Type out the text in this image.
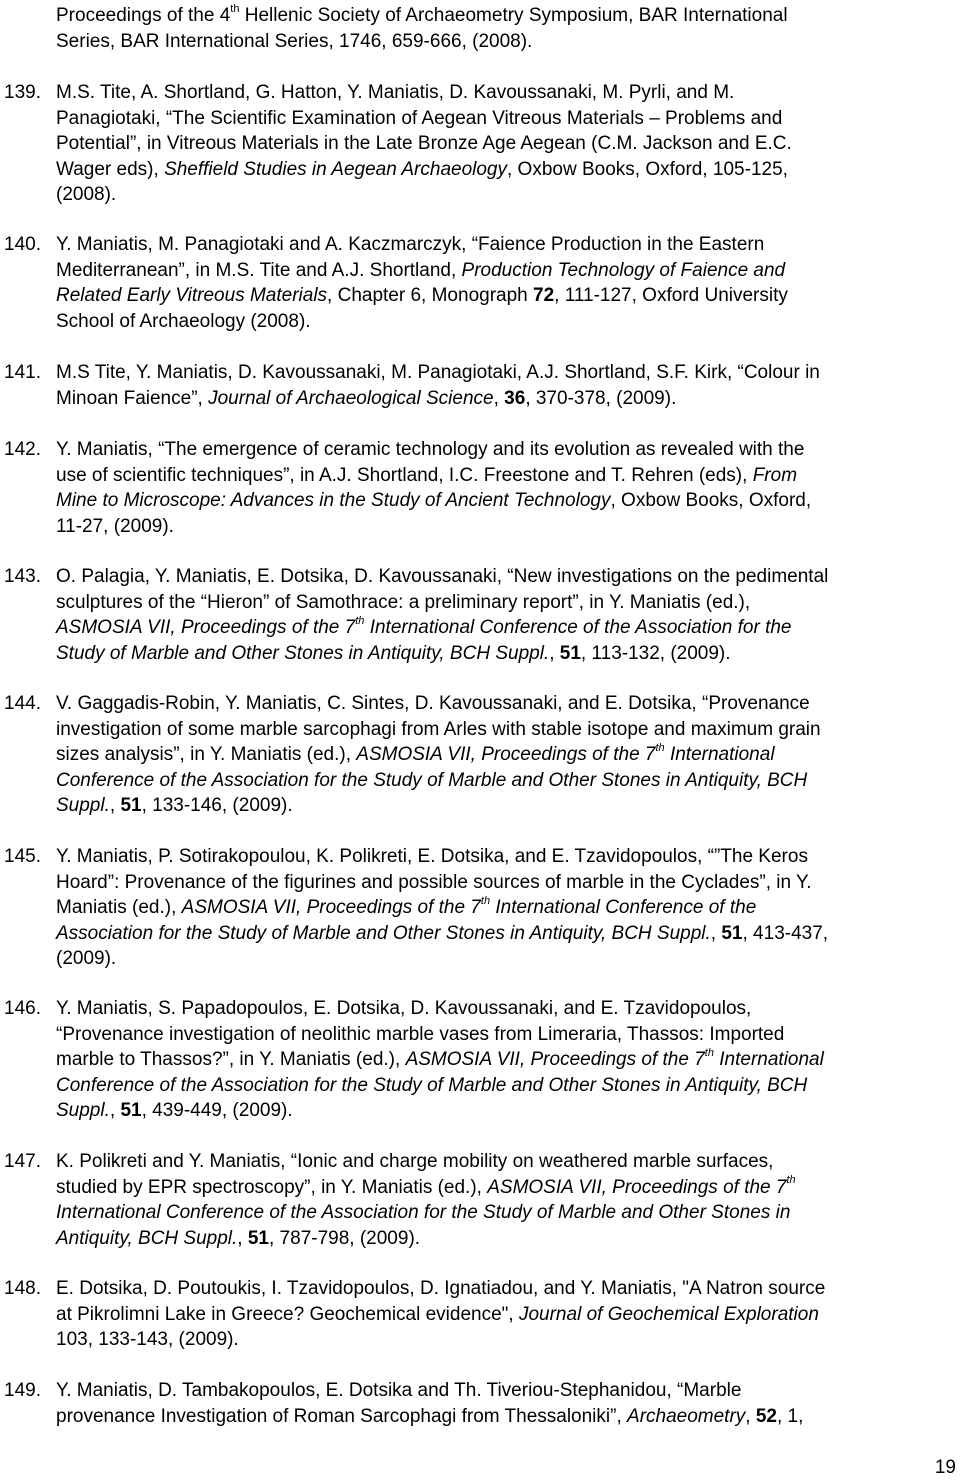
Proceedings of the 4th Hellenic Society of Archaeometry Symposium, BAR International
Series, BAR International Series, 1746, 659-666, (2008).
139. M.S. Tite, A. Shortland, G. Hatton, Y. Maniatis, D. Kavoussanaki, M. Pyrli, and M.
Panagiotaki, “The Scientific Examination of Aegean Vitreous Materials – Problems and
Potential”, in Vitreous Materials in the Late Bronze Age Aegean (C.M. Jackson and E.C.
Wager eds), Sheffield Studies in Aegean Archaeology, Oxbow Books, Oxford, 105-125,
(2008).
140. Y. Maniatis, M. Panagiotaki and A. Kaczmarczyk, “Faience Production in the Eastern
Mediterranean”, in M.S. Tite and A.J. Shortland, Production Technology of Faience and
Related Early Vitreous Materials, Chapter 6, Monograph 72, 111-127, Oxford University
School of Archaeology (2008).
141. M.S Tite, Y. Maniatis, D. Kavoussanaki, M. Panagiotaki, A.J. Shortland, S.F. Kirk, “Colour in
Minoan Faience”, Journal of Archaeological Science, 36, 370-378, (2009).
142. Y. Maniatis, “The emergence of ceramic technology and its evolution as revealed with the
use of scientific techniques”, in A.J. Shortland, I.C. Freestone and T. Rehren (eds), From
Mine to Microscope: Advances in the Study of Ancient Technology, Oxbow Books, Oxford,
11-27, (2009).
143. O. Palagia, Y. Maniatis, E. Dotsika, D. Kavoussanaki, “New investigations on the pedimental
sculptures of the “Hieron” of Samothrace: a preliminary report”, in Y. Maniatis (ed.),
ASMOSIA VII, Proceedings of the 7th International Conference of the Association for the
Study of Marble and Other Stones in Antiquity, BCH Suppl., 51, 113-132, (2009).
144. V. Gaggadis-Robin, Y. Maniatis, C. Sintes, D. Kavoussanaki, and E. Dotsika, “Provenance
investigation of some marble sarcophagi from Arles with stable isotope and maximum grain
sizes analysis”, in Y. Maniatis (ed.), ASMOSIA VII, Proceedings of the 7th International
Conference of the Association for the Study of Marble and Other Stones in Antiquity, BCH
Suppl., 51, 133-146, (2009).
145. Y. Maniatis, P. Sotirakopoulou, K. Polikreti, E. Dotsika, and E. Tzavidopoulos, “”The Keros
Hoard”: Provenance of the figurines and possible sources of marble in the Cyclades”, in Y.
Maniatis (ed.), ASMOSIA VII, Proceedings of the 7th International Conference of the
Association for the Study of Marble and Other Stones in Antiquity, BCH Suppl., 51, 413-437,
(2009).
146. Y. Maniatis, S. Papadopoulos, E. Dotsika, D. Kavoussanaki, and E. Tzavidopoulos,
“Provenance investigation of neolithic marble vases from Limeraria, Thassos: Imported
marble to Thassos?”, in Y. Maniatis (ed.), ASMOSIA VII, Proceedings of the 7th International
Conference of the Association for the Study of Marble and Other Stones in Antiquity, BCH
Suppl., 51, 439-449, (2009).
147. K. Polikreti and Y. Maniatis, “Ionic and charge mobility on weathered marble surfaces,
studied by EPR spectroscopy”, in Y. Maniatis (ed.), ASMOSIA VII, Proceedings of the 7th
International Conference of the Association for the Study of Marble and Other Stones in
Antiquity, BCH Suppl., 51, 787-798, (2009).
148. E. Dotsika, D. Poutoukis, I. Tzavidopoulos, D. Ignatiadou, and Y. Maniatis, "A Natron source
at Pikrolimni Lake in Greece? Geochemical evidence", Journal of Geochemical Exploration
103, 133-143, (2009).
149. Y. Maniatis, D. Tambakopoulos, E. Dotsika and Th. Tiveriou-Stephanidou, “Marble
provenance Investigation of Roman Sarcophagi from Thessaloniki”, Archaeometry, 52, 1,
19
